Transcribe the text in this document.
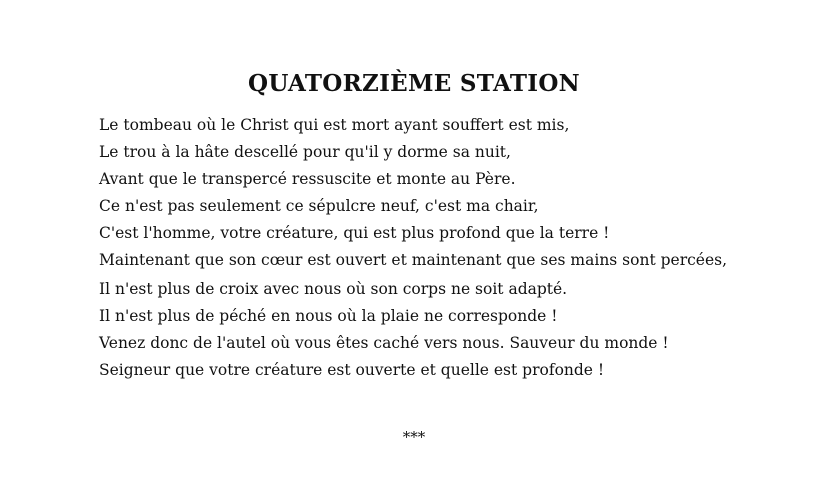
QUATORZIÈME STATION

Le tombeau où le Christ qui est mort ayant souffert est mis,

Le trou à la hâte descellé pour qu'il y dorme sa nuit,

Avant que le transpercé ressuscite et monte au Père.

Ce n'est pas seulement ce sépulcre neuf, c'est ma chair,

C'est l'homme, votre créature, qui est plus profond que la terre !

Maintenant que son cœur est ouvert et maintenant que ses mains sont percées,

Il n'est plus de croix avec nous où son corps ne soit adapté.

Il n'est plus de péché en nous où la plaie ne corresponde !

Venez donc de l'autel où vous êtes caché vers nous. Sauveur du monde !

Seigneur que votre créature est ouverte et quelle est profonde !

***
